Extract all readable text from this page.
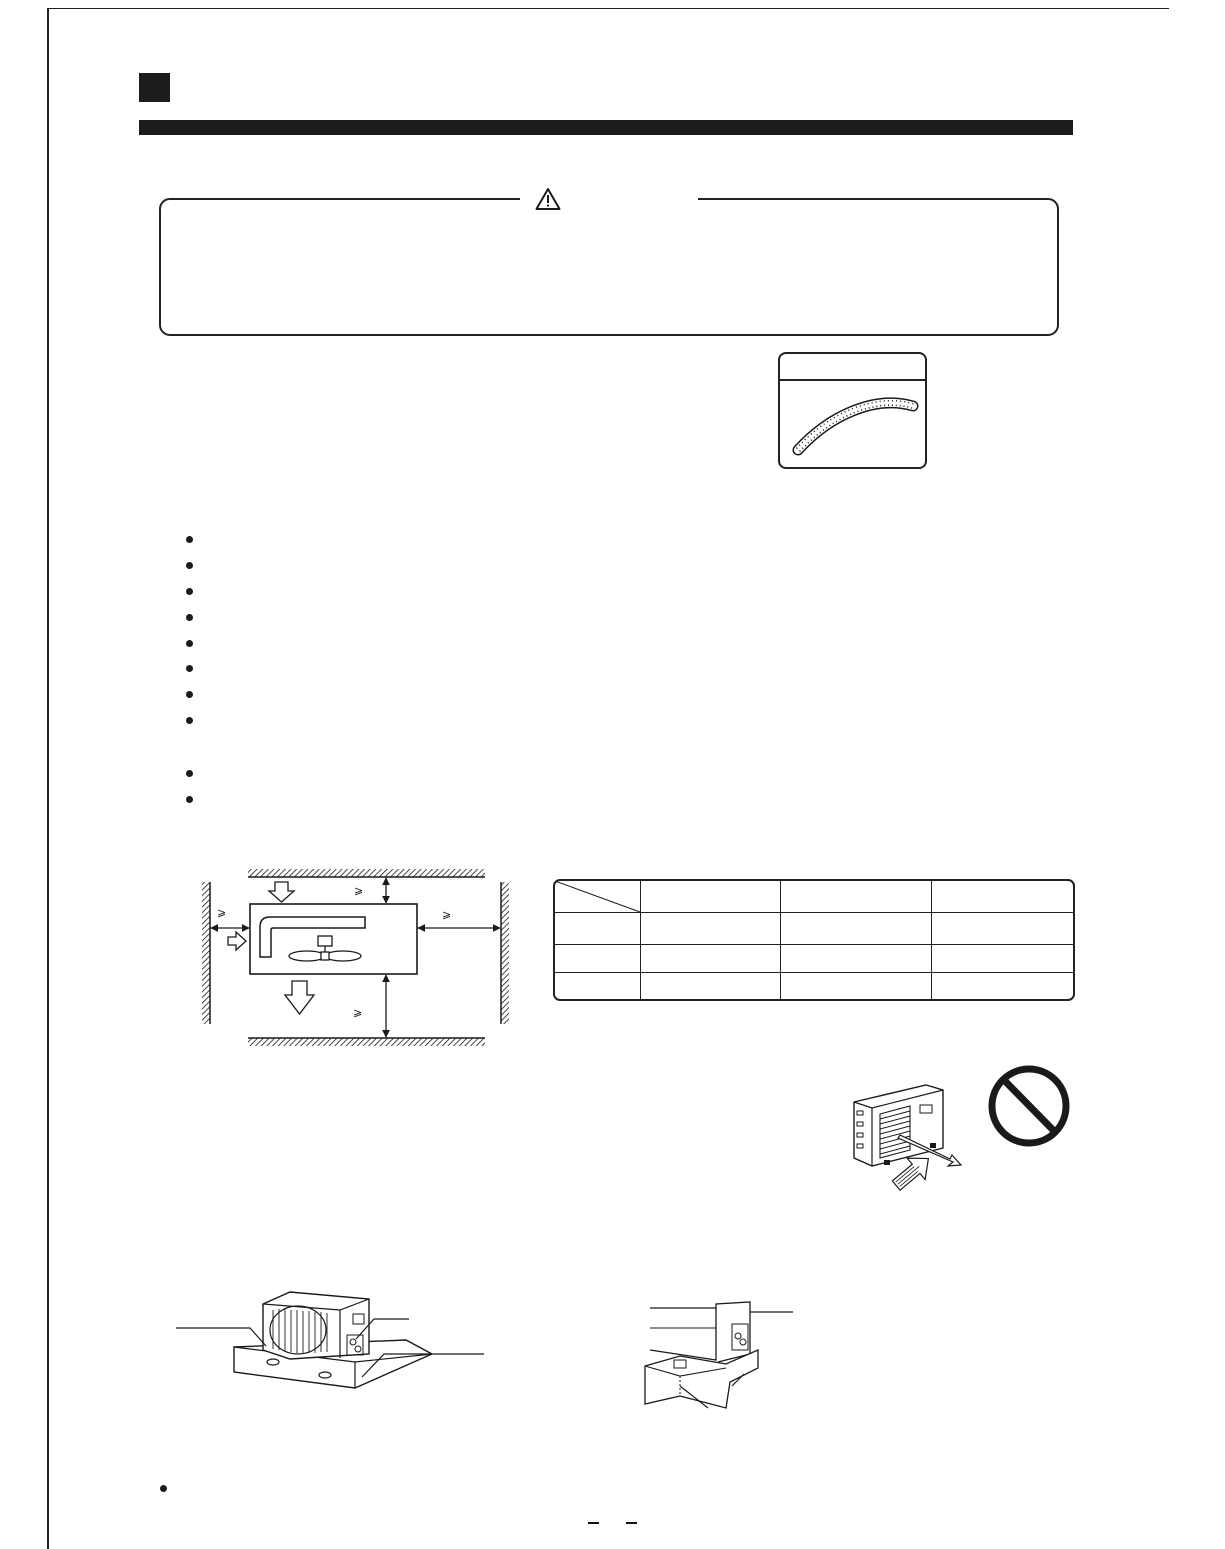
⩾
⩾
⩾	⩾
